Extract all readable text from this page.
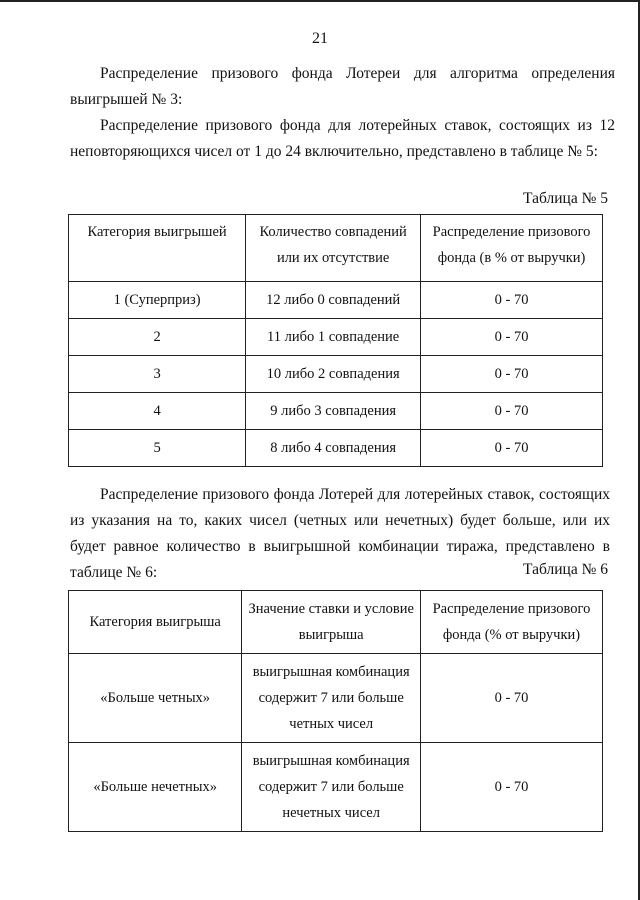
21
Распределение призового фонда Лотереи для алгоритма определения выигрышей № 3:
Распределение призового фонда для лотерейных ставок, состоящих из 12 неповторяющихся чисел от 1 до 24 включительно, представлено в таблице № 5:
Таблица № 5
Категория выигрышей	Количество совпадений или их отсутствие	Распределение призового фонда (в % от выручки)
1 (Суперприз)	12 либо 0 совпадений	0 - 70
2	11 либо 1 совпадение	0 - 70
3	10 либо 2 совпадения	0 - 70
4	9 либо 3 совпадения	0 - 70
5	8 либо 4 совпадения	0 - 70
Распределение призового фонда Лотерей для лотерейных ставок, состоящих из указания на то, каких чисел (четных или нечетных) будет больше, или их будет равное количество в выигрышной комбинации тиража, представлено в таблице № 6:	Таблица № 6
Категория выигрыша	Значение ставки и условие выигрыша	Распределение призового фонда (% от выручки)
«Больше четных»	выигрышная комбинация содержит 7 или больше четных чисел	0 - 70
«Больше нечетных»	выигрышная комбинация содержит 7 или больше нечетных чисел	0 - 70
